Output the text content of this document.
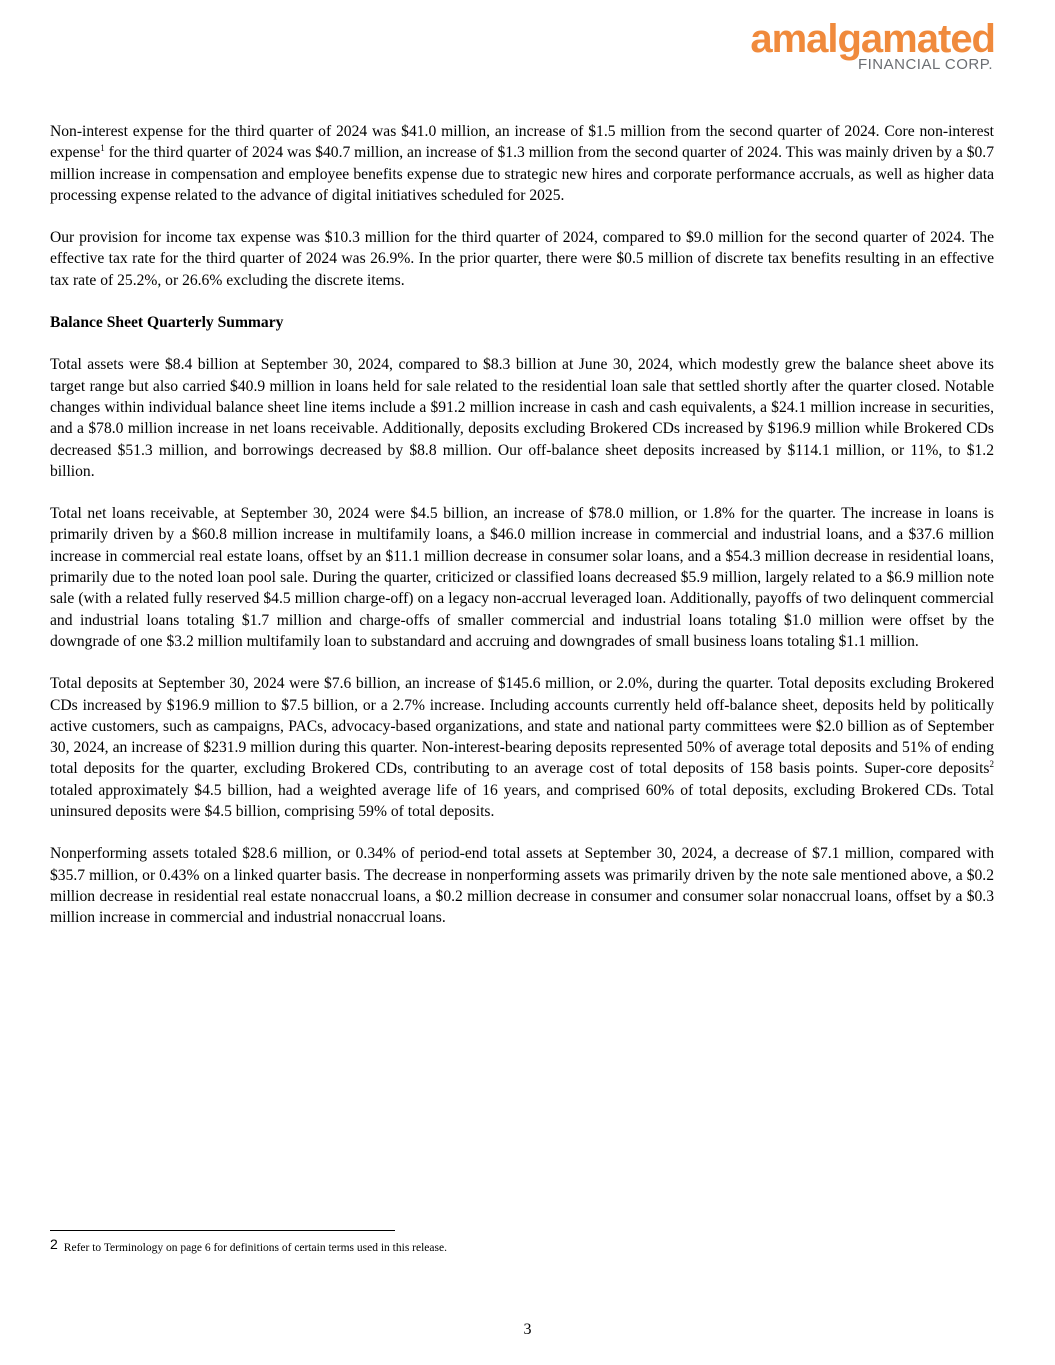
amalgamated
FINANCIAL CORP.

Non-interest expense for the third quarter of 2024 was $41.0 million, an increase of $1.5 million from the second quarter of 2024. Core non-interest expense$^1$ for the third quarter of 2024 was $40.7 million, an increase of $1.3 million from the second quarter of 2024. This was mainly driven by a $0.7 million increase in compensation and employee benefits expense due to strategic new hires and corporate performance accruals, as well as higher data processing expense related to the advance of digital initiatives scheduled for 2025.

Our provision for income tax expense was $10.3 million for the third quarter of 2024, compared to $9.0 million for the second quarter of 2024. The effective tax rate for the third quarter of 2024 was 26.9%. In the prior quarter, there were $0.5 million of discrete tax benefits resulting in an effective tax rate of 25.2%, or 26.6% excluding the discrete items.

Balance Sheet Quarterly Summary

Total assets were $8.4 billion at September 30, 2024, compared to $8.3 billion at June 30, 2024, which modestly grew the balance sheet above its target range but also carried $40.9 million in loans held for sale related to the residential loan sale that settled shortly after the quarter closed. Notable changes within individual balance sheet line items include a $91.2 million increase in cash and cash equivalents, a $24.1 million increase in securities, and a $78.0 million increase in net loans receivable. Additionally, deposits excluding Brokered CDs increased by $196.9 million while Brokered CDs decreased $51.3 million, and borrowings decreased by $8.8 million. Our off-balance sheet deposits increased by $114.1 million, or 11%, to $1.2 billion.

Total net loans receivable, at September 30, 2024 were $4.5 billion, an increase of $78.0 million, or 1.8% for the quarter. The increase in loans is primarily driven by a $60.8 million increase in multifamily loans, a $46.0 million increase in commercial and industrial loans, and a $37.6 million increase in commercial real estate loans, offset by an $11.1 million decrease in consumer solar loans, and a $54.3 million decrease in residential loans, primarily due to the noted loan pool sale. During the quarter, criticized or classified loans decreased $5.9 million, largely related to a $6.9 million note sale (with a related fully reserved $4.5 million charge-off) on a legacy non-accrual leveraged loan. Additionally, payoffs of two delinquent commercial and industrial loans totaling $1.7 million and charge-offs of smaller commercial and industrial loans totaling $1.0 million were offset by the downgrade of one $3.2 million multifamily loan to substandard and accruing and downgrades of small business loans totaling $1.1 million.

Total deposits at September 30, 2024 were $7.6 billion, an increase of $145.6 million, or 2.0%, during the quarter. Total deposits excluding Brokered CDs increased by $196.9 million to $7.5 billion, or a 2.7% increase. Including accounts currently held off-balance sheet, deposits held by politically active customers, such as campaigns, PACs, advocacy-based organizations, and state and national party committees were $2.0 billion as of September 30, 2024, an increase of $231.9 million during this quarter. Non-interest-bearing deposits represented 50% of average total deposits and 51% of ending total deposits for the quarter, excluding Brokered CDs, contributing to an average cost of total deposits of 158 basis points. Super-core deposits$^2$ totaled approximately $4.5 billion, had a weighted average life of 16 years, and comprised 60% of total deposits, excluding Brokered CDs. Total uninsured deposits were $4.5 billion, comprising 59% of total deposits.

Nonperforming assets totaled $28.6 million, or 0.34% of period-end total assets at September 30, 2024, a decrease of $7.1 million, compared with $35.7 million, or 0.43% on a linked quarter basis. The decrease in nonperforming assets was primarily driven by the note sale mentioned above, a $0.2 million decrease in residential real estate nonaccrual loans, a $0.2 million decrease in consumer and consumer solar nonaccrual loans, offset by a $0.3 million increase in commercial and industrial nonaccrual loans.

2 Refer to Terminology on page 6 for definitions of certain terms used in this release.
3
